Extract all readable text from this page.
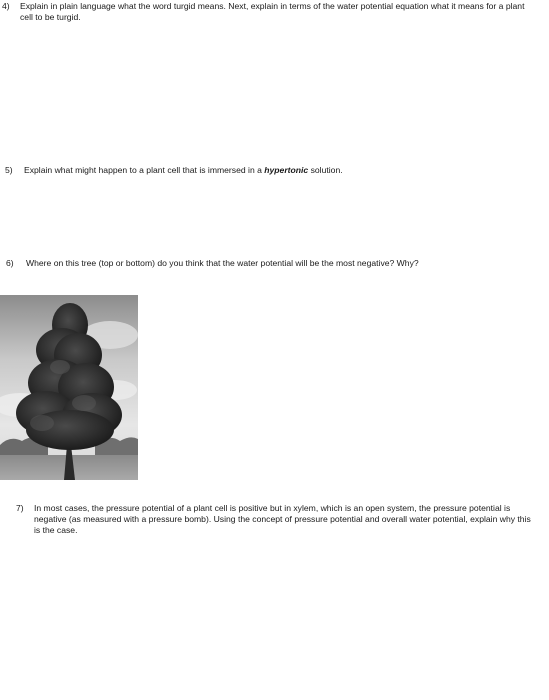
4)	Explain in plain language what the word turgid means. Next, explain in terms of the water potential equation what it means for a plant cell to be turgid.
5)	Explain what might happen to a plant cell that is immersed in a hypertonic solution.
6)	Where on this tree (top or bottom) do you think that the water potential will be the most negative? Why?
7)	In most cases, the pressure potential of a plant cell is positive but in xylem, which is an open system, the pressure potential is negative (as measured with a pressure bomb). Using the concept of pressure potential and overall water potential, explain why this is the case.
